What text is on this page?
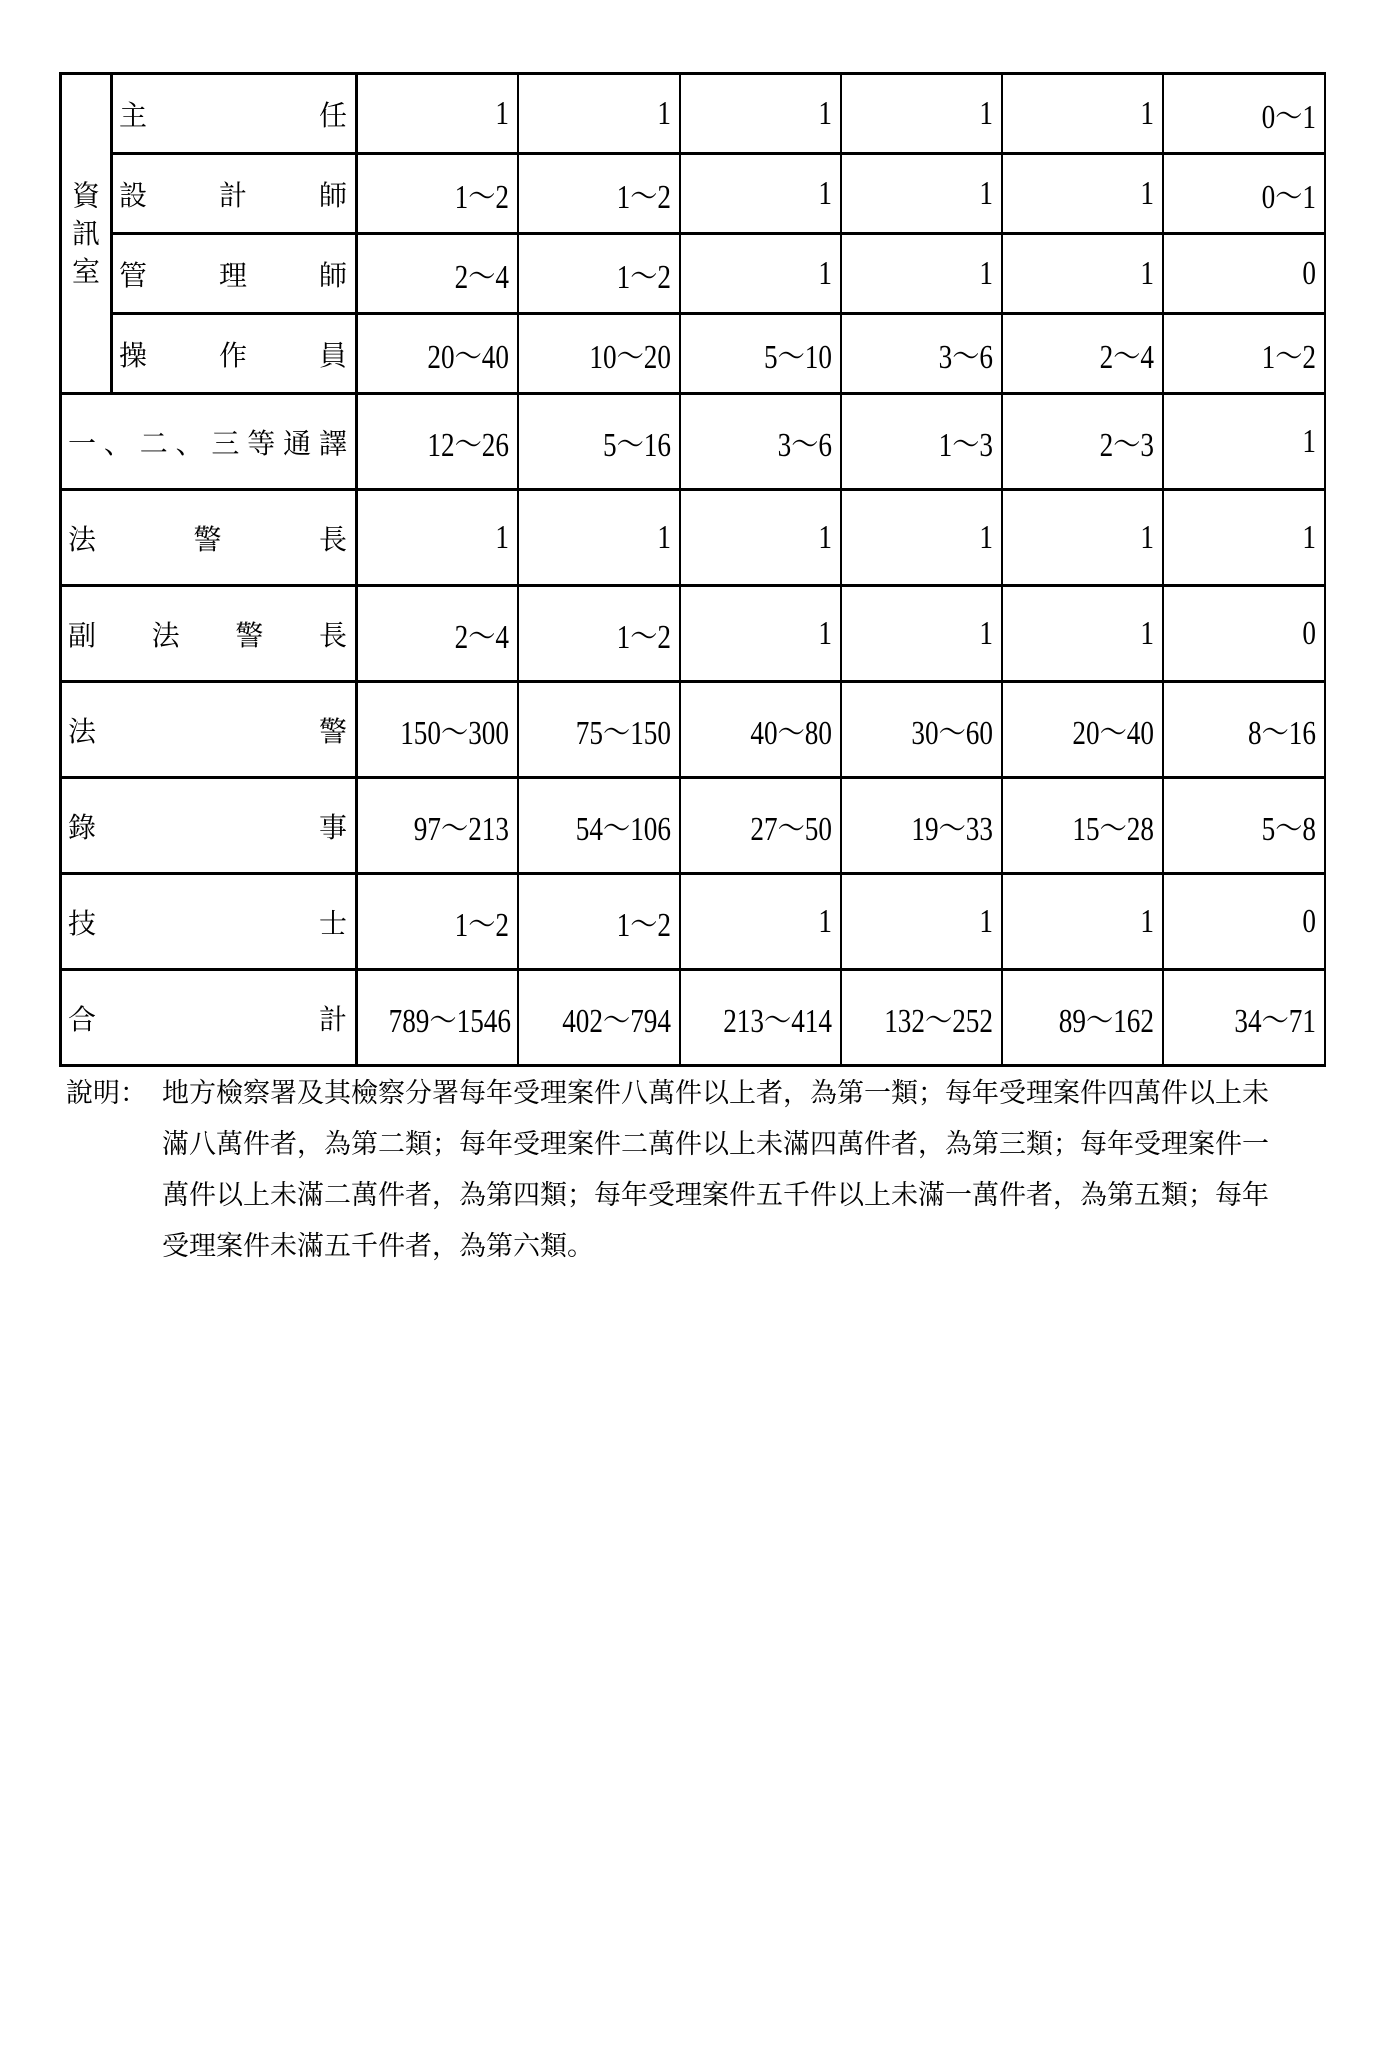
資訊室	主任	1	1	1	1	1	0～1
	設計師	1～2	1～2	1	1	1	0～1
	管理師	2～4	1～2	1	1	1	0
	操作員	20～40	10～20	5～10	3～6	2～4	1～2
一、二、三等通譯		12～26	5～16	3～6	1～3	2～3	1
法警長		1	1	1	1	1	1
副法警長		2～4	1～2	1	1	1	0
法警		150～300	75～150	40～80	30～60	20～40	8～16
錄事		97～213	54～106	27～50	19～33	15～28	5～8
技士		1～2	1～2	1	1	1	0
合計		789～1546	402～794	213～414	132～252	89～162	34～71
說明： 地方檢察署及其檢察分署每年受理案件八萬件以上者，為第一類；每年受理案件四萬件以上未滿八萬件者，為第二類；每年受理案件二萬件以上未滿四萬件者，為第三類；每年受理案件一萬件以上未滿二萬件者，為第四類；每年受理案件五千件以上未滿一萬件者，為第五類；每年受理案件未滿五千件者，為第六類。
